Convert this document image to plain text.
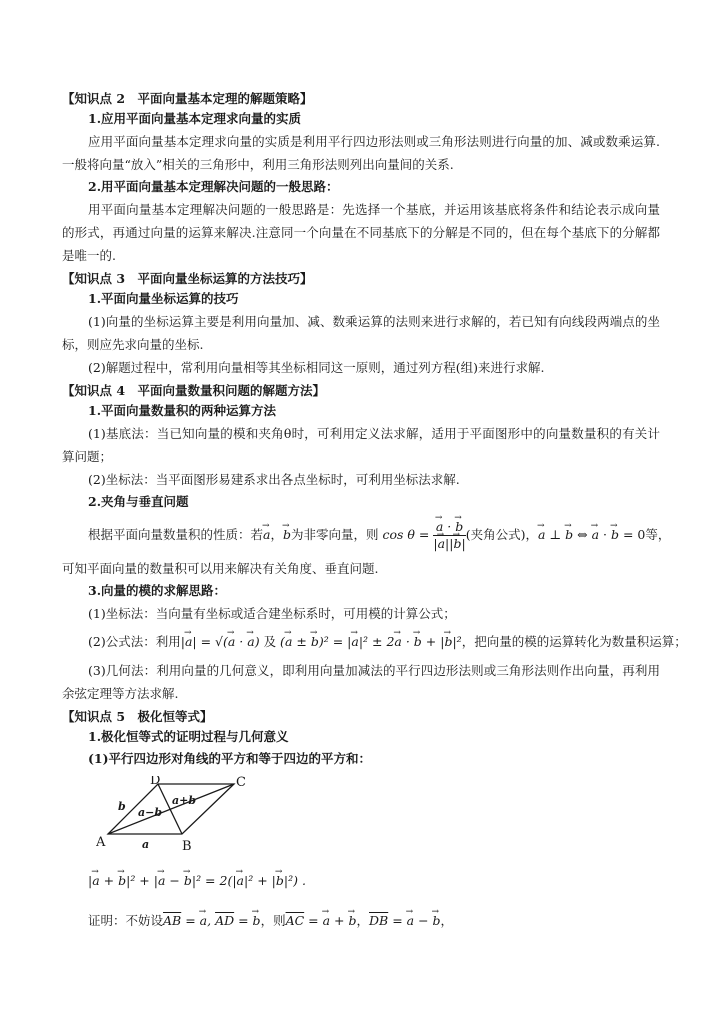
【知识点 2　平面向量基本定理的解题策略】

1.应用平面向量基本定理求向量的实质

应用平面向量基本定理求向量的实质是利用平行四边形法则或三角形法则进行向量的加、减或数乘运算.一般将向量“放入”相关的三角形中，利用三角形法则列出向量间的关系.

2.用平面向量基本定理解决问题的一般思路：

用平面向量基本定理解决问题的一般思路是：先选择一个基底，并运用该基底将条件和结论表示成向量的形式，再通过向量的运算来解决.注意同一个向量在不同基底下的分解是不同的，但在每个基底下的分解都是唯一的.

【知识点 3　平面向量坐标运算的方法技巧】

1.平面向量坐标运算的技巧

(1)向量的坐标运算主要是利用向量加、减、数乘运算的法则来进行求解的，若已知有向线段两端点的坐标，则应先求向量的坐标.

(2)解题过程中，常利用向量相等其坐标相同这一原则，通过列方程(组)来进行求解.

【知识点 4　平面向量数量积问题的解题方法】

1.平面向量数量积的两种运算方法

(1)基底法：当已知向量的模和夹角θ时，可利用定义法求解，适用于平面图形中的向量数量积的有关计算问题；

(2)坐标法：当平面图形易建系求出各点坐标时，可利用坐标法求解.

2.夹角与垂直问题

根据平面向量数量积的性质：若→ a，→ b为非零向量，则 cos θ = → $\frac{a \cdot \to b}{|\to a||\to b|}$ (夹角公式)，→ a ⊥ → b ⇔ → a · → b = 0等，

可知平面向量的数量积可以用来解决有关角度、垂直问题.

3.向量的模的求解思路：

(1)坐标法：当向量有坐标或适合建坐标系时，可用模的计算公式；

(2)公式法：利用|→ a| = √(→ a · → a) 及 (→ a ± → b)² = |→ a|² ± 2→ a · → b + |→ b|²，把向量的模的运算转化为数量积运算；

(3)几何法：利用向量的几何意义，即利用向量加减法的平行四边形法则或三角形法则作出向量，再利用余弦定理等方法求解.

【知识点 5　极化恒等式】

1.极化恒等式的证明过程与几何意义

(1)平行四边形对角线的平方和等于四边的平方和：

A	B
C
D
a
b	a+b
a−b
|→ a + → b|² + |→ a − → b|² = 2(|→ a|² + |→ b|²) .
证明：不妨设$\overline{AB}$ = → a, $\overline{AD}$ = → b，则$\overline{AC}$ = → a + → b，$\overline{DB}$ = → a − → b，
